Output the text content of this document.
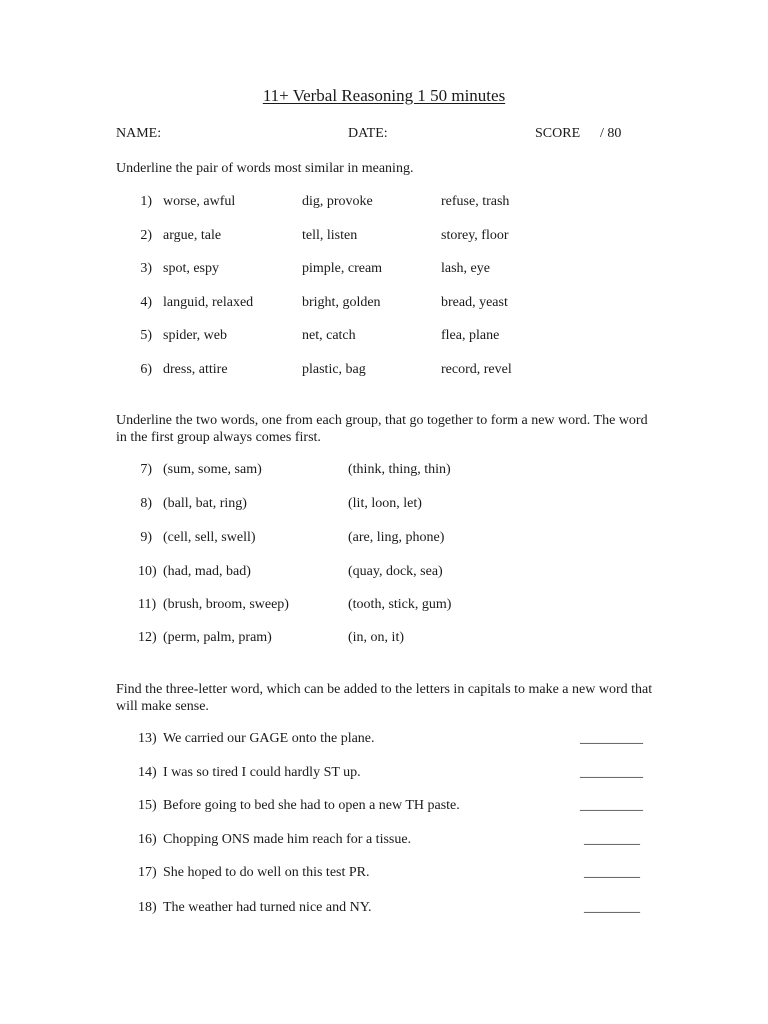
11+ Verbal Reasoning 1 50 minutes
NAME:	DATE:	SCORE / 80
Underline the pair of words most similar in meaning.
1) worse, awful	dig, provoke	refuse, trash
2) argue, tale	tell, listen	storey, floor
3) spot, espy	pimple, cream	lash, eye
4) languid, relaxed	bright, golden	bread, yeast
5) spider, web	net, catch	flea, plane
6) dress, attire	plastic, bag	record, revel
Underline the two words, one from each group, that go together to form a new word. The word in the first group always comes first.
7) (sum, some, sam)	(think, thing, thin)
8) (ball, bat, ring)	(lit, loon, let)
9) (cell, sell, swell)	(are, ling, phone)
10) (had, mad, bad)	(quay, dock, sea)
11) (brush, broom, sweep)	(tooth, stick, gum)
12) (perm, palm, pram)	(in, on, it)
Find the three-letter word, which can be added to the letters in capitals to make a new word that will make sense.
13) We carried our GAGE onto the plane.	_________
14) I was so tired I could hardly ST up.	_________
15) Before going to bed she had to open a new TH paste.	_________
16) Chopping ONS made him reach for a tissue.	________
17) She hoped to do well on this test PR.	________
18) The weather had turned nice and NY.	________
